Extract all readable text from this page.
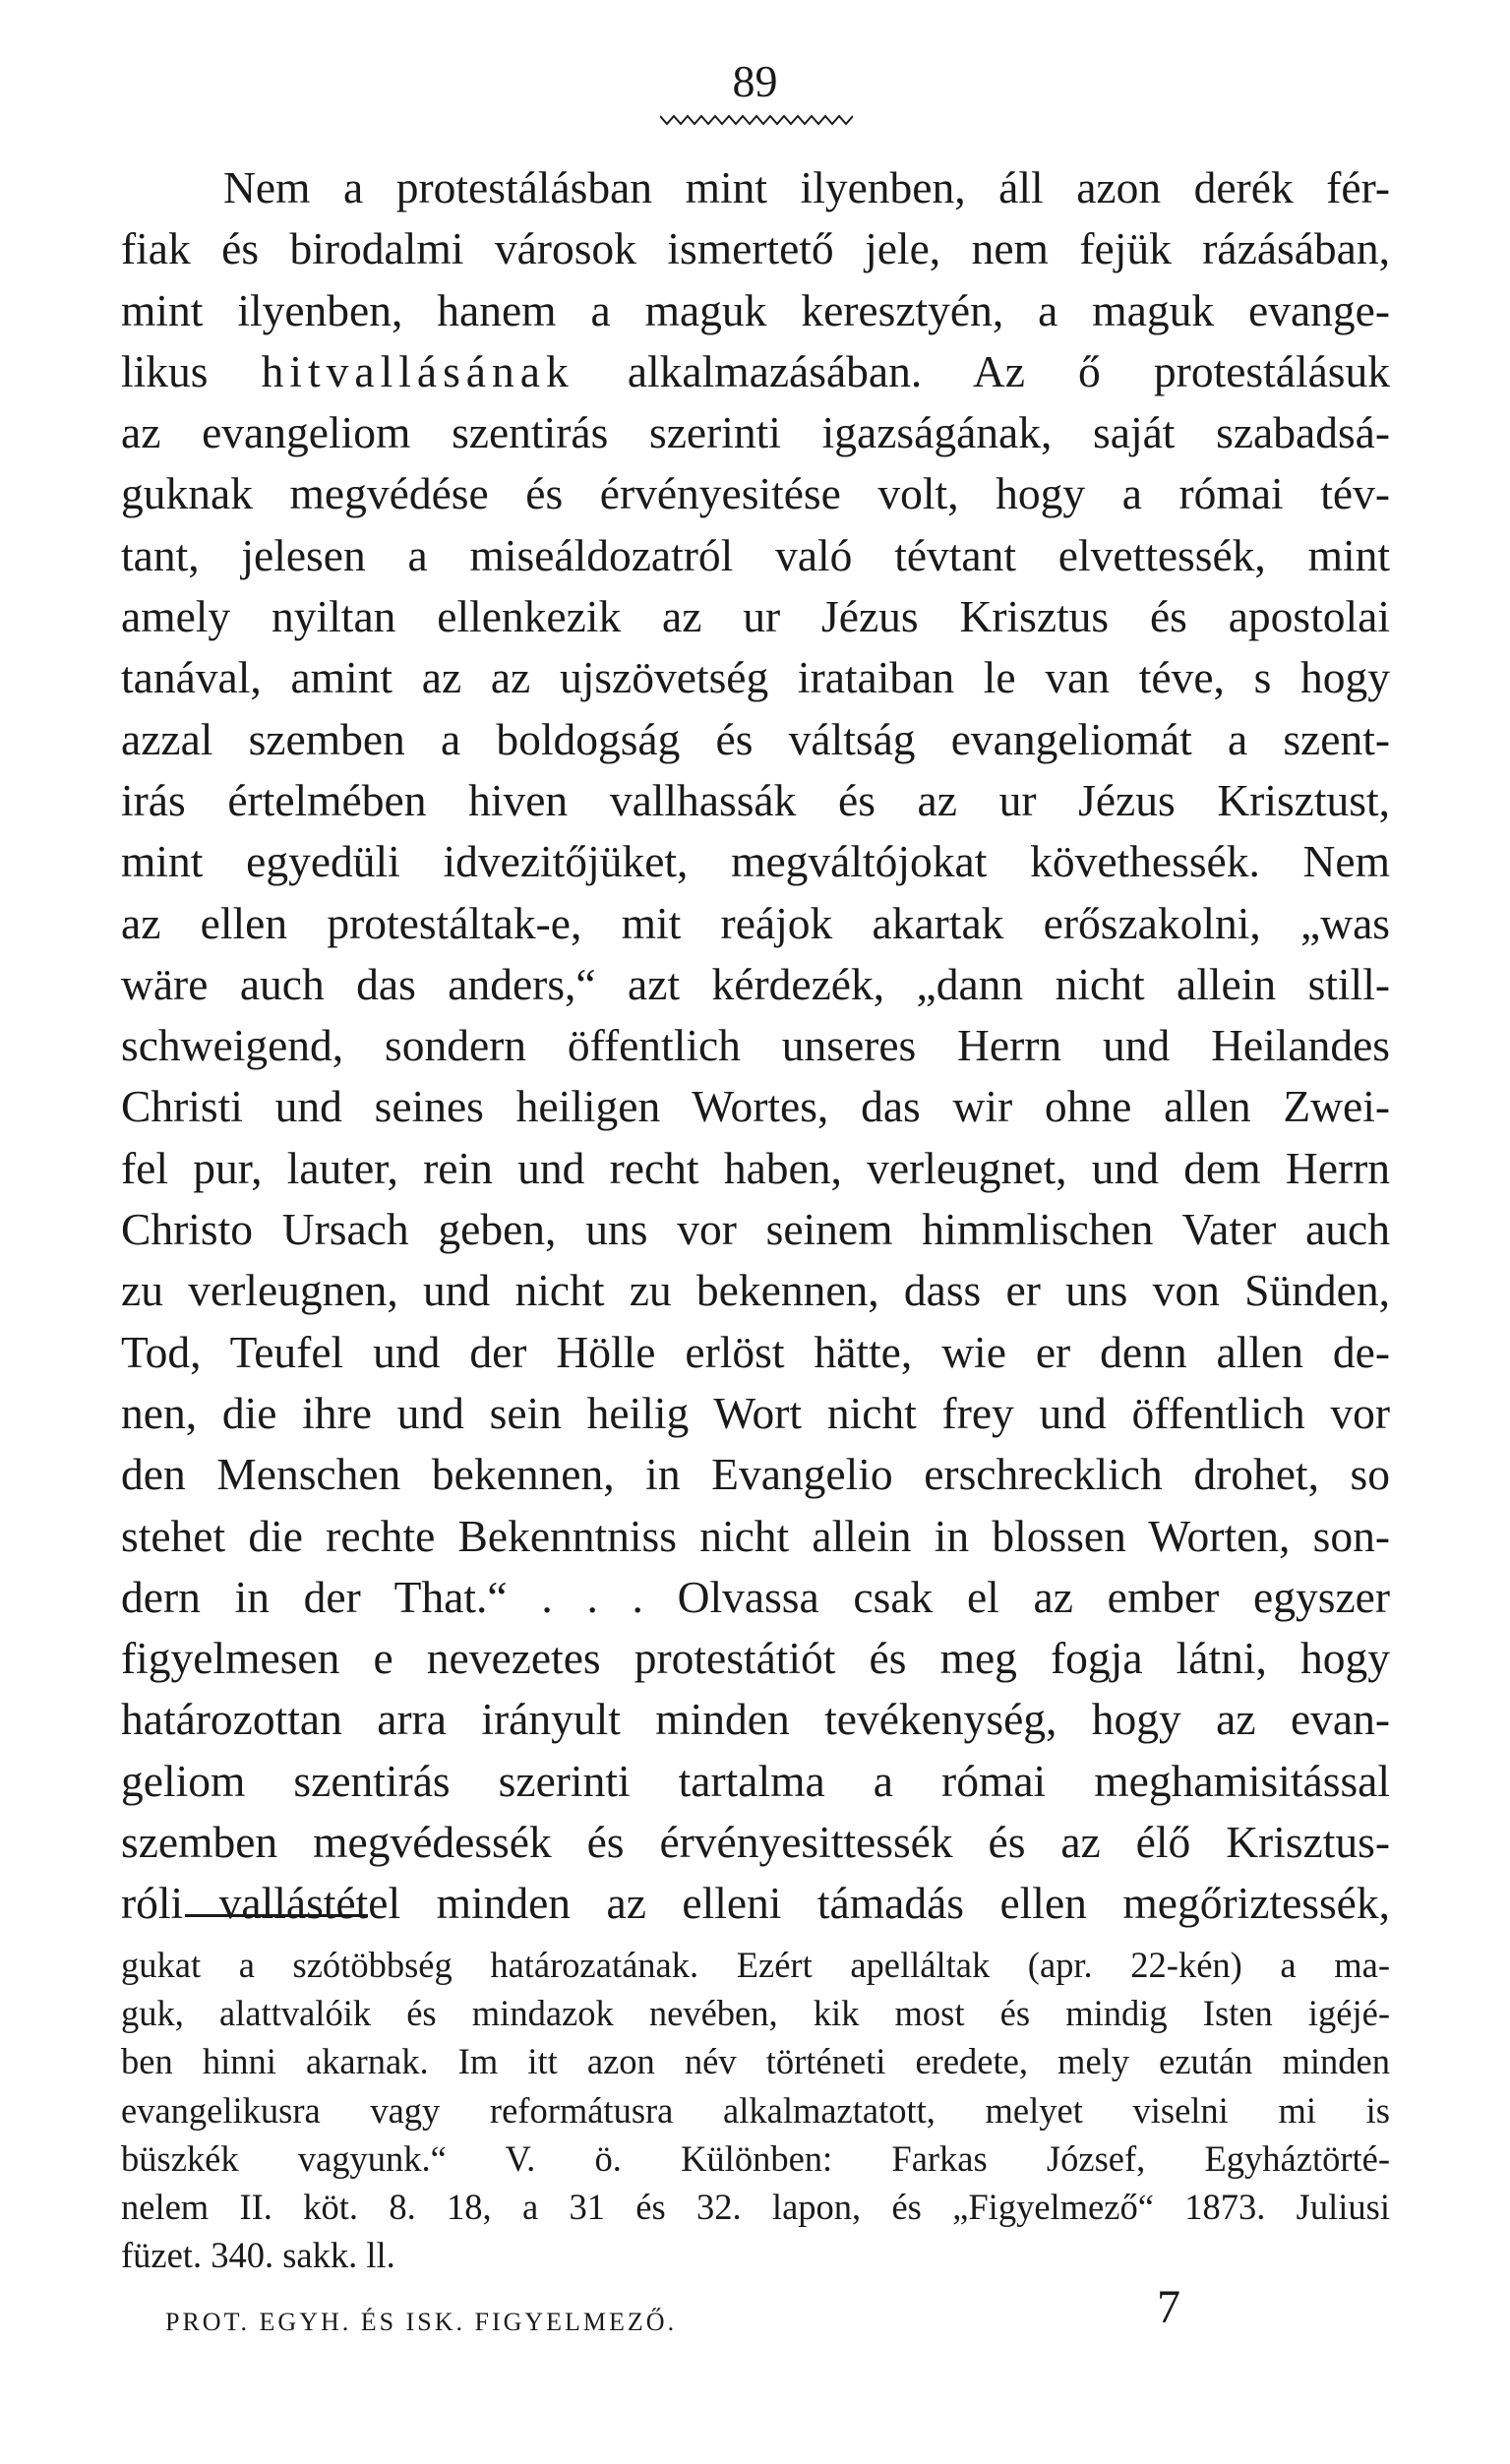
89
Nem a protestálásban mint ilyenben, áll azon derék fér-
fiak és birodalmi városok ismertető jele, nem fejük rázásában,
mint ilyenben, hanem a maguk keresztyén, a maguk evange-
likus hitvallásának alkalmazásában. Az ő protestálásuk
az evangeliom szentirás szerinti igazságának, saját szabadsá-
guknak megvédése és érvényesitése volt, hogy a római tév-
tant, jelesen a miseáldozatról való tévtant elvettessék, mint
amely nyiltan ellenkezik az ur Jézus Krisztus és apostolai
tanával, amint az az ujszövetség irataiban le van téve, s hogy
azzal szemben a boldogság és váltság evangeliomát a szent-
irás értelmében hiven vallhassák és az ur Jézus Krisztust,
mint egyedüli idvezitőjüket, megváltójokat követhessék. Nem
az ellen protestáltak-e, mit reájok akartak erőszakolni, „was
wäre auch das anders,“ azt kérdezék, „dann nicht allein still-
schweigend, sondern öffentlich unseres Herrn und Heilandes
Christi und seines heiligen Wortes, das wir ohne allen Zwei-
fel pur, lauter, rein und recht haben, verleugnet, und dem Herrn
Christo Ursach geben, uns vor seinem himmlischen Vater auch
zu verleugnen, und nicht zu bekennen, dass er uns von Sünden,
Tod, Teufel und der Hölle erlöst hätte, wie er denn allen de-
nen, die ihre und sein heilig Wort nicht frey und öffentlich vor
den Menschen bekennen, in Evangelio erschrecklich drohet, so
stehet die rechte Bekenntniss nicht allein in blossen Worten, son-
dern in der That.“ . . . Olvassa csak el az ember egyszer
figyelmesen e nevezetes protestátiót és meg fogja látni, hogy
határozottan arra irányult minden tevékenység, hogy az evan-
geliom szentirás szerinti tartalma a római meghamisitással
szemben megvédessék és érvényesittessék és az élő Krisztus-
róli vallástétel minden az elleni támadás ellen megőriztessék,
gukat a szótöbbség határozatának. Ezért apelláltak (apr. 22-kén) a ma-
guk, alattvalóik és mindazok nevében, kik most és mindig Isten igéjé-
ben hinni akarnak. Im itt azon név történeti eredete, mely ezután minden
evangelikusra vagy reformátusra alkalmaztatott, melyet viselni mi is
büszkék vagyunk.“ V. ö. Különben: Farkas József, Egyháztörté-
nelem II. köt. 8. 18, a 31 és 32. lapon, és „Figyelmező“ 1873. Juliusi
füzet. 340. sakk. ll.
PROT. EGYH. ÉS ISK. FIGYELMEZŐ.	7
